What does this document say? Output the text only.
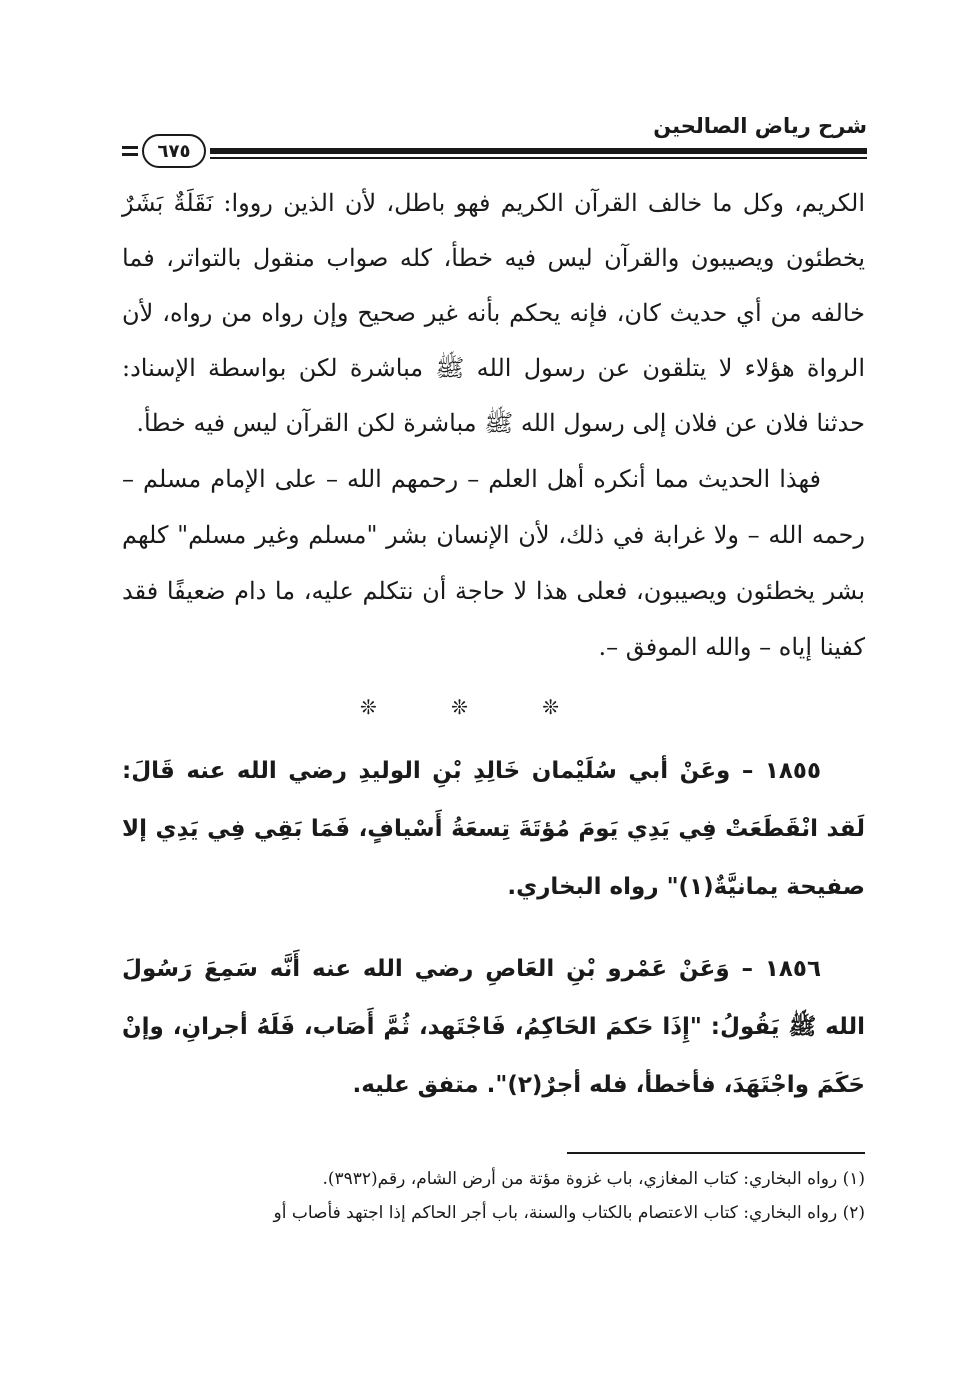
شرح رياض الصالحين
٦٧٥
الكريم، وكل ما خالف القرآن الكريم فهو باطل، لأن الذين رووا: نَقَلَةٌ بَشَرٌ يخطئون ويصيبون والقرآن ليس فيه خطأ، كله صواب منقول بالتواتر، فما خالفه من أي حديث كان، فإنه يحكم بأنه غير صحيح وإن رواه من رواه، لأن الرواة هؤلاء لا يتلقون عن رسول الله ﷺ مباشرة لكن بواسطة الإسناد: حدثنا فلان عن فلان إلى رسول الله ﷺ مباشرة لكن القرآن ليس فيه خطأ.
فهذا الحديث مما أنكره أهل العلم – رحمهم الله – على الإمام مسلم – رحمه الله – ولا غرابة في ذلك، لأن الإنسان بشر "مسلم وغير مسلم" كلهم بشر يخطئون ويصيبون، فعلى هذا لا حاجة أن نتكلم عليه، ما دام ضعيفًا فقد كفينا إياه – والله الموفق –.
❊ ❊ ❊
١٨٥٥ – وعَنْ أبي سُلَيْمان خَالِدِ بْنِ الوليدِ رضي الله عنه قَالَ: لَقد انْقَطَعَتْ فِي يَدِي يَومَ مُؤتَةَ تِسعَةُ أَسْيافٍ، فَمَا بَقِي فِي يَدِي إلا صفيحة يمانيَّةٌ(١)" رواه البخاري.
١٨٥٦ – وَعَنْ عَمْرو بْنِ العَاصِ رضي الله عنه أَنَّه سَمِعَ رَسُولَ الله ﷺ يَقُولُ: "إِذَا حَكمَ الحَاكِمُ، فَاجْتَهد، ثُمَّ أَصَاب، فَلَهُ أجرانِ، وإنْ حَكَمَ واجْتَهَدَ، فأخطأ، فله أجرٌ(٢)". متفق عليه.
(١) رواه البخاري: كتاب المغازي، باب غزوة مؤتة من أرض الشام، رقم(٣٩٣٢).
(٢) رواه البخاري: كتاب الاعتصام بالكتاب والسنة، باب أجر الحاكم إذا اجتهد فأصاب أو
